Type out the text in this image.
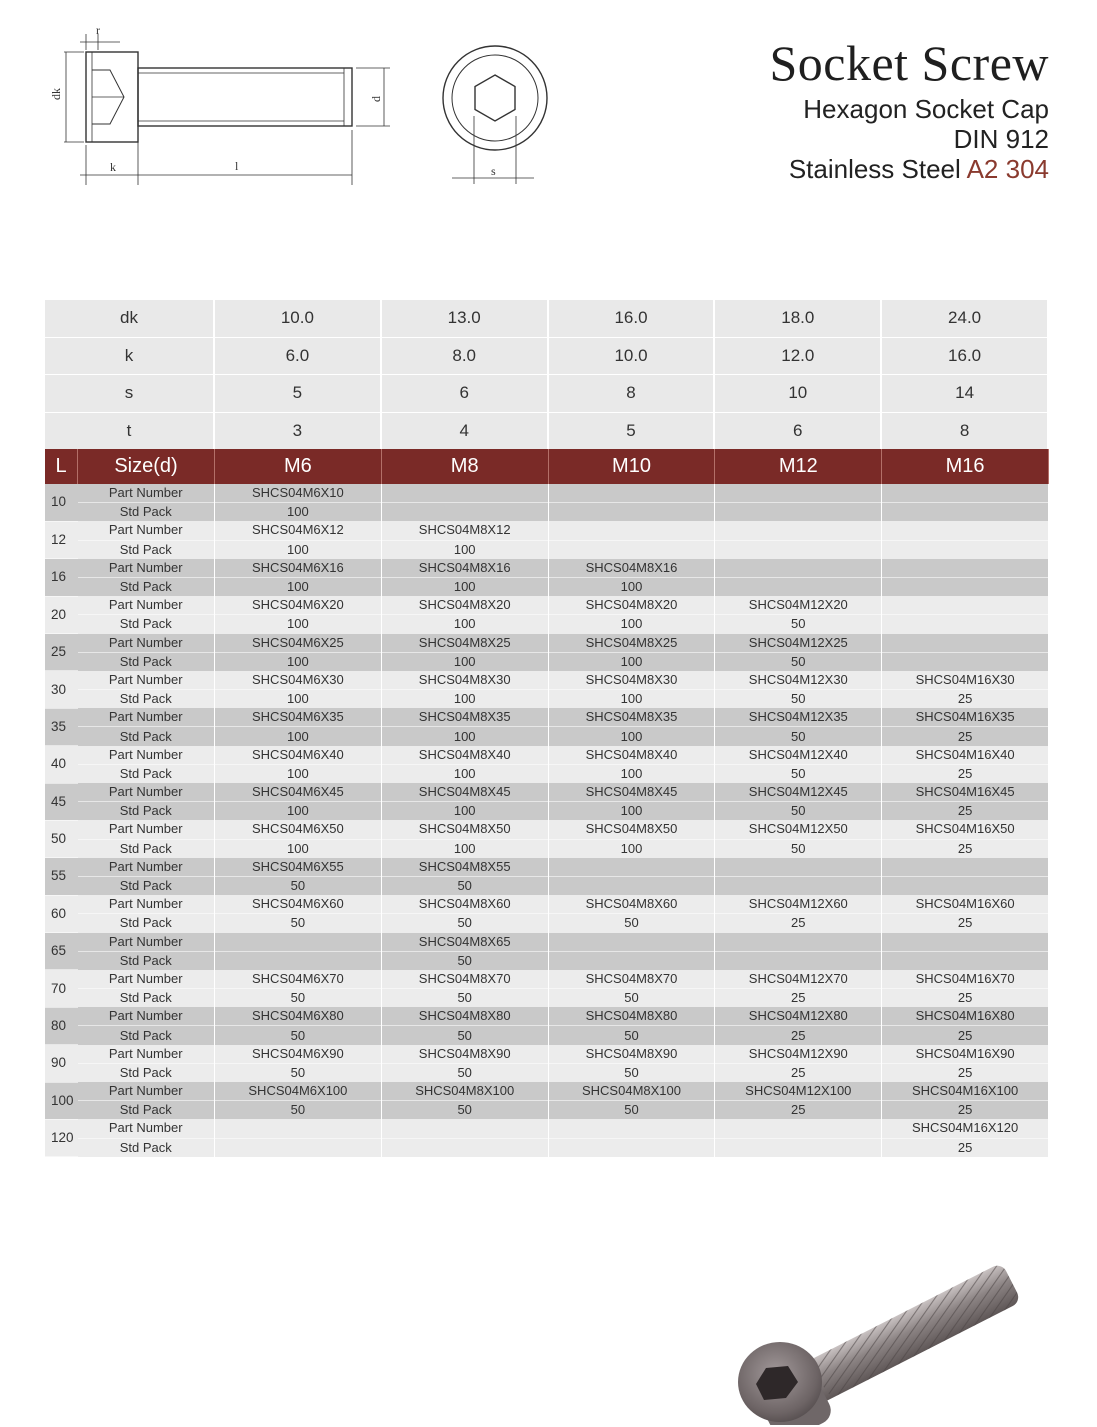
r
dk
k	l
d
s
Socket Screw
Hexagon Socket Cap
DIN 912
Stainless Steel A2 304
dk	10.0	13.0	16.0	18.0	24.0
k	6.0	8.0	10.0	12.0	16.0
s	5	6	8	10	14
t	3	4	5	6	8
L	Size(d)	M6	M8	M10	M12	M16
10	Part Number	SHCS04M6X10				
	Std Pack	100				
12	Part Number	SHCS04M6X12	SHCS04M8X12			
	Std Pack	100	100			
16	Part Number	SHCS04M6X16	SHCS04M8X16	SHCS04M8X16		
	Std Pack	100	100	100		
20	Part Number	SHCS04M6X20	SHCS04M8X20	SHCS04M8X20	SHCS04M12X20	
	Std Pack	100	100	100	50	
25	Part Number	SHCS04M6X25	SHCS04M8X25	SHCS04M8X25	SHCS04M12X25	
	Std Pack	100	100	100	50	
30	Part Number	SHCS04M6X30	SHCS04M8X30	SHCS04M8X30	SHCS04M12X30	SHCS04M16X30
	Std Pack	100	100	100	50	25
35	Part Number	SHCS04M6X35	SHCS04M8X35	SHCS04M8X35	SHCS04M12X35	SHCS04M16X35
	Std Pack	100	100	100	50	25
40	Part Number	SHCS04M6X40	SHCS04M8X40	SHCS04M8X40	SHCS04M12X40	SHCS04M16X40
	Std Pack	100	100	100	50	25
45	Part Number	SHCS04M6X45	SHCS04M8X45	SHCS04M8X45	SHCS04M12X45	SHCS04M16X45
	Std Pack	100	100	100	50	25
50	Part Number	SHCS04M6X50	SHCS04M8X50	SHCS04M8X50	SHCS04M12X50	SHCS04M16X50
	Std Pack	100	100	100	50	25
55	Part Number	SHCS04M6X55	SHCS04M8X55			
	Std Pack	50	50			
60	Part Number	SHCS04M6X60	SHCS04M8X60	SHCS04M8X60	SHCS04M12X60	SHCS04M16X60
	Std Pack	50	50	50	25	25
65	Part Number		SHCS04M8X65			
	Std Pack		50			
70	Part Number	SHCS04M6X70	SHCS04M8X70	SHCS04M8X70	SHCS04M12X70	SHCS04M16X70
	Std Pack	50	50	50	25	25
80	Part Number	SHCS04M6X80	SHCS04M8X80	SHCS04M8X80	SHCS04M12X80	SHCS04M16X80
	Std Pack	50	50	50	25	25
90	Part Number	SHCS04M6X90	SHCS04M8X90	SHCS04M8X90	SHCS04M12X90	SHCS04M16X90
	Std Pack	50	50	50	25	25
100	Part Number	SHCS04M6X100	SHCS04M8X100	SHCS04M8X100	SHCS04M12X100	SHCS04M16X100
	Std Pack	50	50	50	25	25
120	Part Number					SHCS04M16X120
	Std Pack					25
